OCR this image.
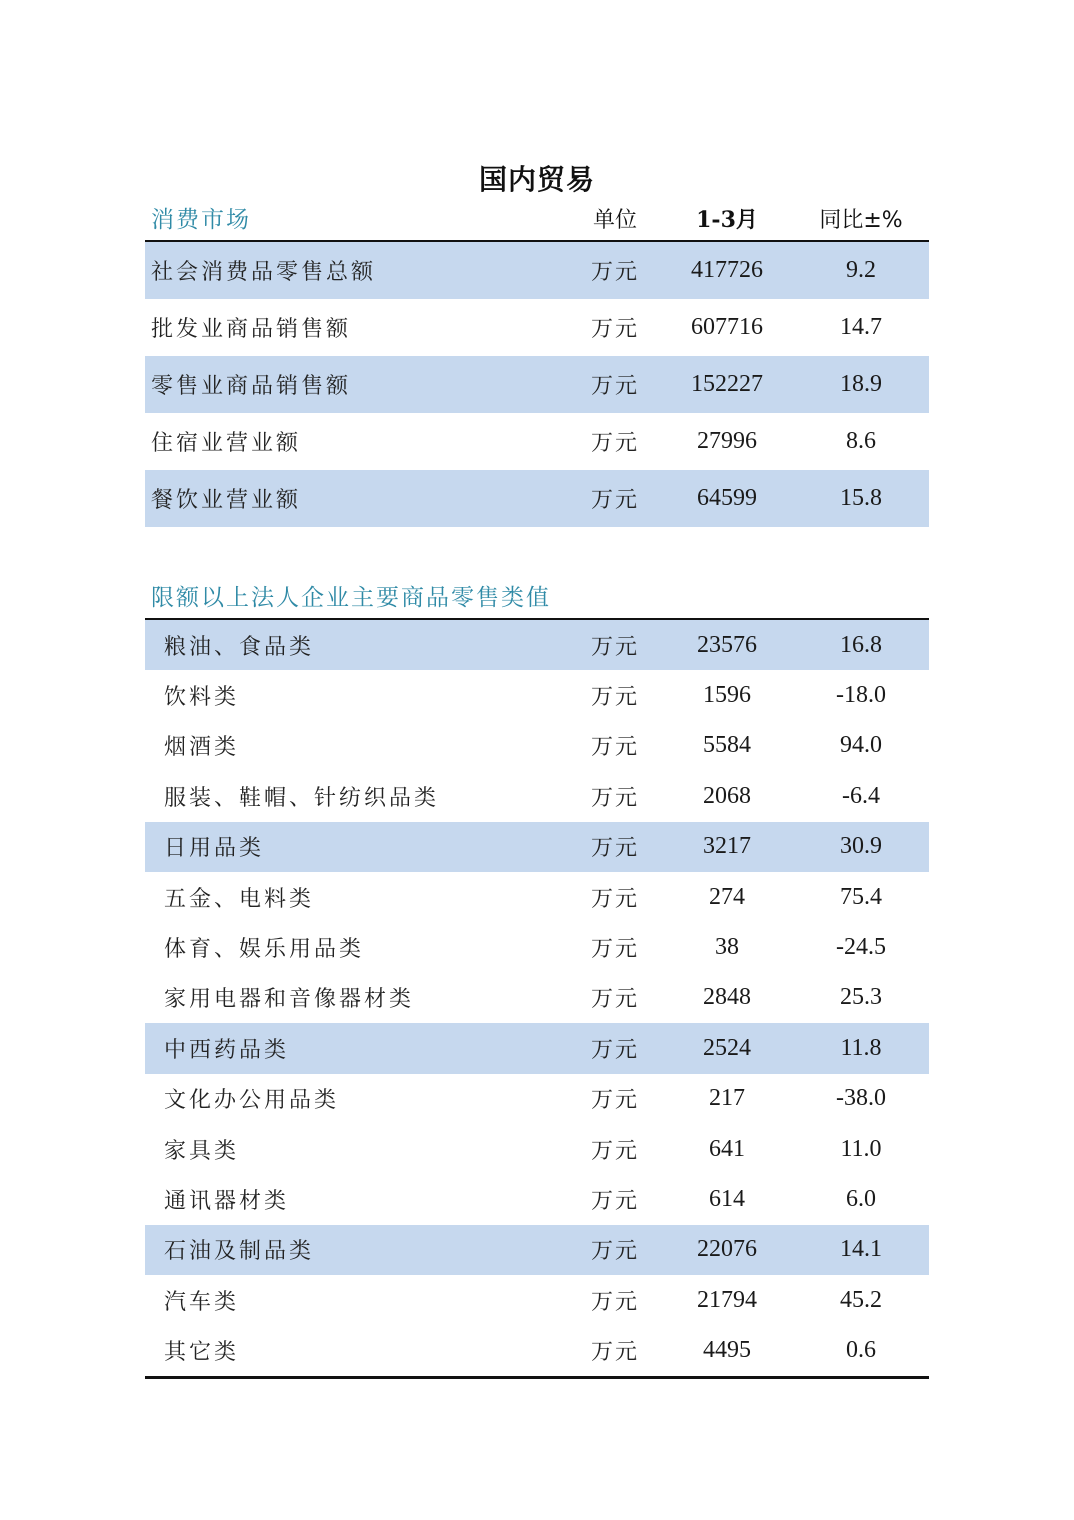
国内贸易
消费市场	单位	1-3月	同比±%
社会消费品零售总额	万元	417726	9.2
批发业商品销售额	万元	607716	14.7
零售业商品销售额	万元	152227	18.9
住宿业营业额	万元	27996	8.6
餐饮业营业额	万元	64599	15.8
限额以上法人企业主要商品零售类值
粮油、食品类	万元	23576	16.8
饮料类	万元	1596	-18.0
烟酒类	万元	5584	94.0
服装、鞋帽、针纺织品类	万元	2068	-6.4
日用品类	万元	3217	30.9
五金、电料类	万元	274	75.4
体育、娱乐用品类	万元	38	-24.5
家用电器和音像器材类	万元	2848	25.3
中西药品类	万元	2524	11.8
文化办公用品类	万元	217	-38.0
家具类	万元	641	11.0
通讯器材类	万元	614	6.0
石油及制品类	万元	22076	14.1
汽车类	万元	21794	45.2
其它类	万元	4495	0.6
